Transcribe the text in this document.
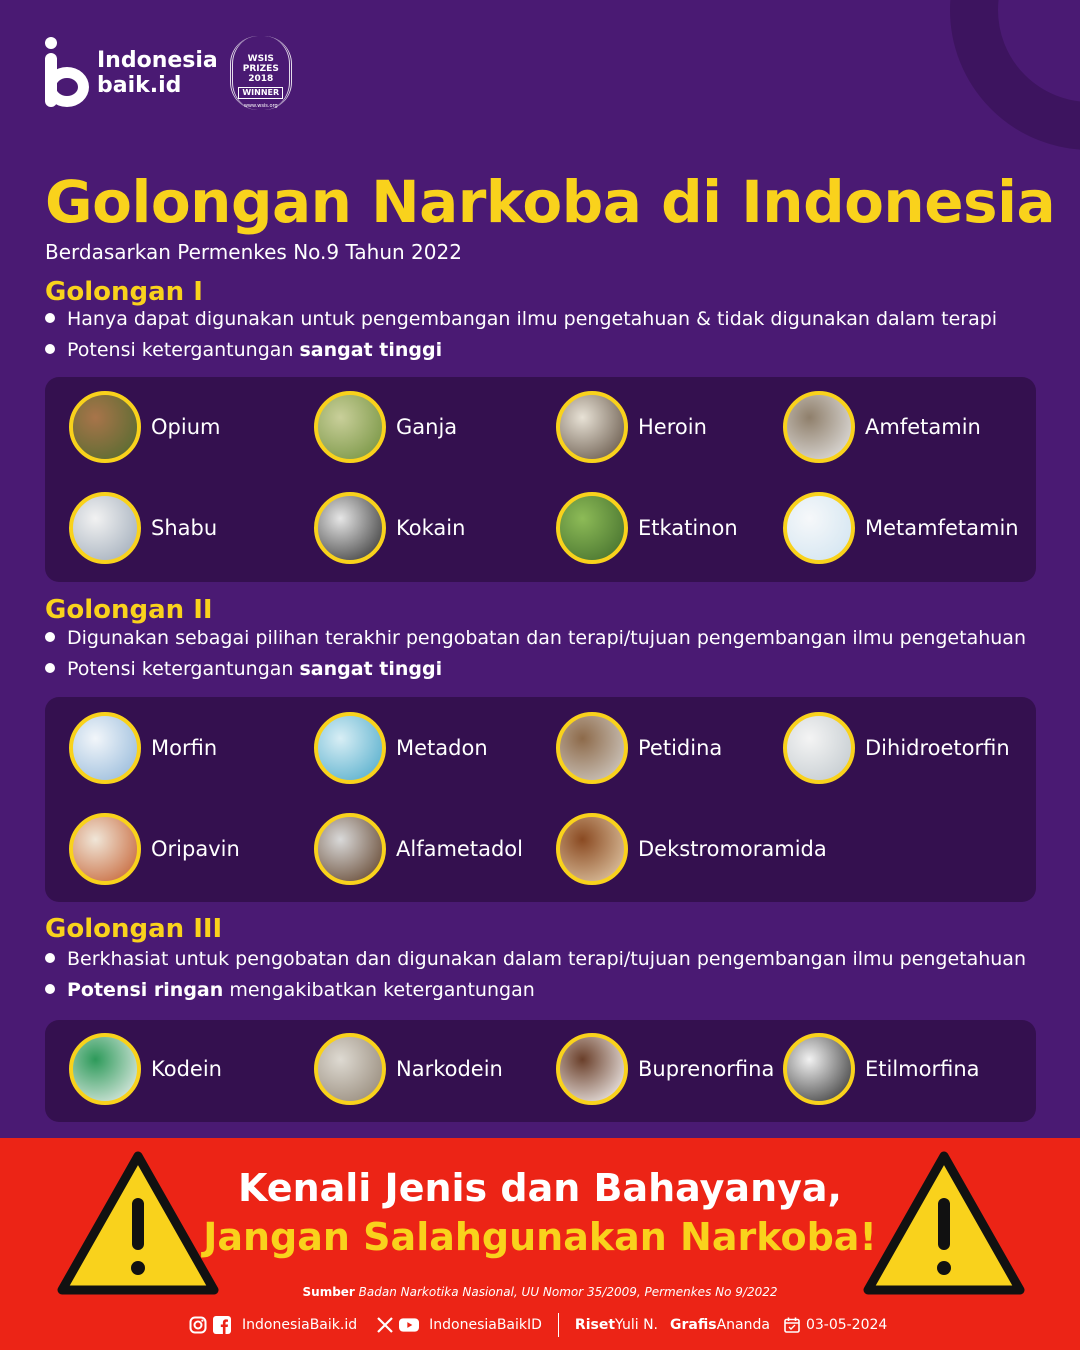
Indonesia
baik.id
WSIS
PRIZES
2018
WINNER
www.wsis.org
Golongan Narkoba di Indonesia
Berdasarkan Permenkes No.9 Tahun 2022
Golongan I
Hanya dapat digunakan untuk pengembangan ilmu pengetahuan & tidak digunakan dalam terapi
Potensi ketergantungan sangat tinggi
Golongan II
Digunakan sebagai pilihan terakhir pengobatan dan terapi/tujuan pengembangan ilmu pengetahuan
Potensi ketergantungan sangat tinggi
Golongan III
Berkhasiat untuk pengobatan dan digunakan dalam terapi/tujuan pengembangan ilmu pengetahuan
Potensi ringan mengakibatkan ketergantungan
Opium	Ganja	Heroin	Amfetamin
Shabu	Kokain	Etkatinon	Metamfetamin
Morfin	Metadon	Petidina	Dihidroetorfin
Oripavin	Alfametadol	Dekstromoramida
Kodein	Narkodein	Buprenorfina	Etilmorfina
Kenali Jenis dan Bahayanya,
Jangan Salahgunakan Narkoba!
Sumber Badan Narkotika Nasional, UU Nomor 35/2009, Permenkes No 9/2022
IndonesiaBaik.id	IndonesiaBaikID Riset Yuli N. Grafis Ananda	03-05-2024
